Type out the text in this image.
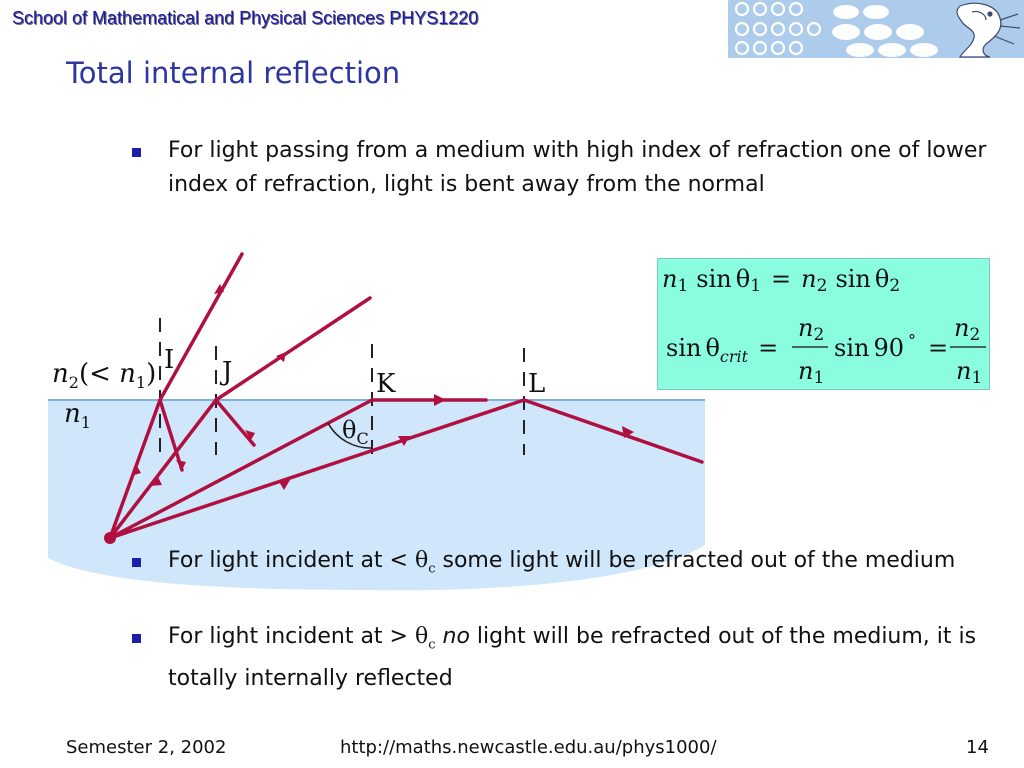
School of Mathematical and Physical Sciences PHYS1220
Total internal reflection
For light passing from a medium with high index of refraction one of lower index of refraction, light is bent away from the normal
$n_2(< n_1)$
$n_1$
I J	K	L
$\theta_C$
n1 sin θ1 = n2 sin θ2
$\sin \theta_{crit}$ =
n2
n1
sin 90 ° =
n2
n1
For light incident at < $\theta_c$ some light will be refracted out of the medium
For light incident at > $\theta_c$ no light will be refracted out of the medium, it is totally internally reflected
Semester 2, 2002	http://maths.newcastle.edu.au/phys1000/	14
